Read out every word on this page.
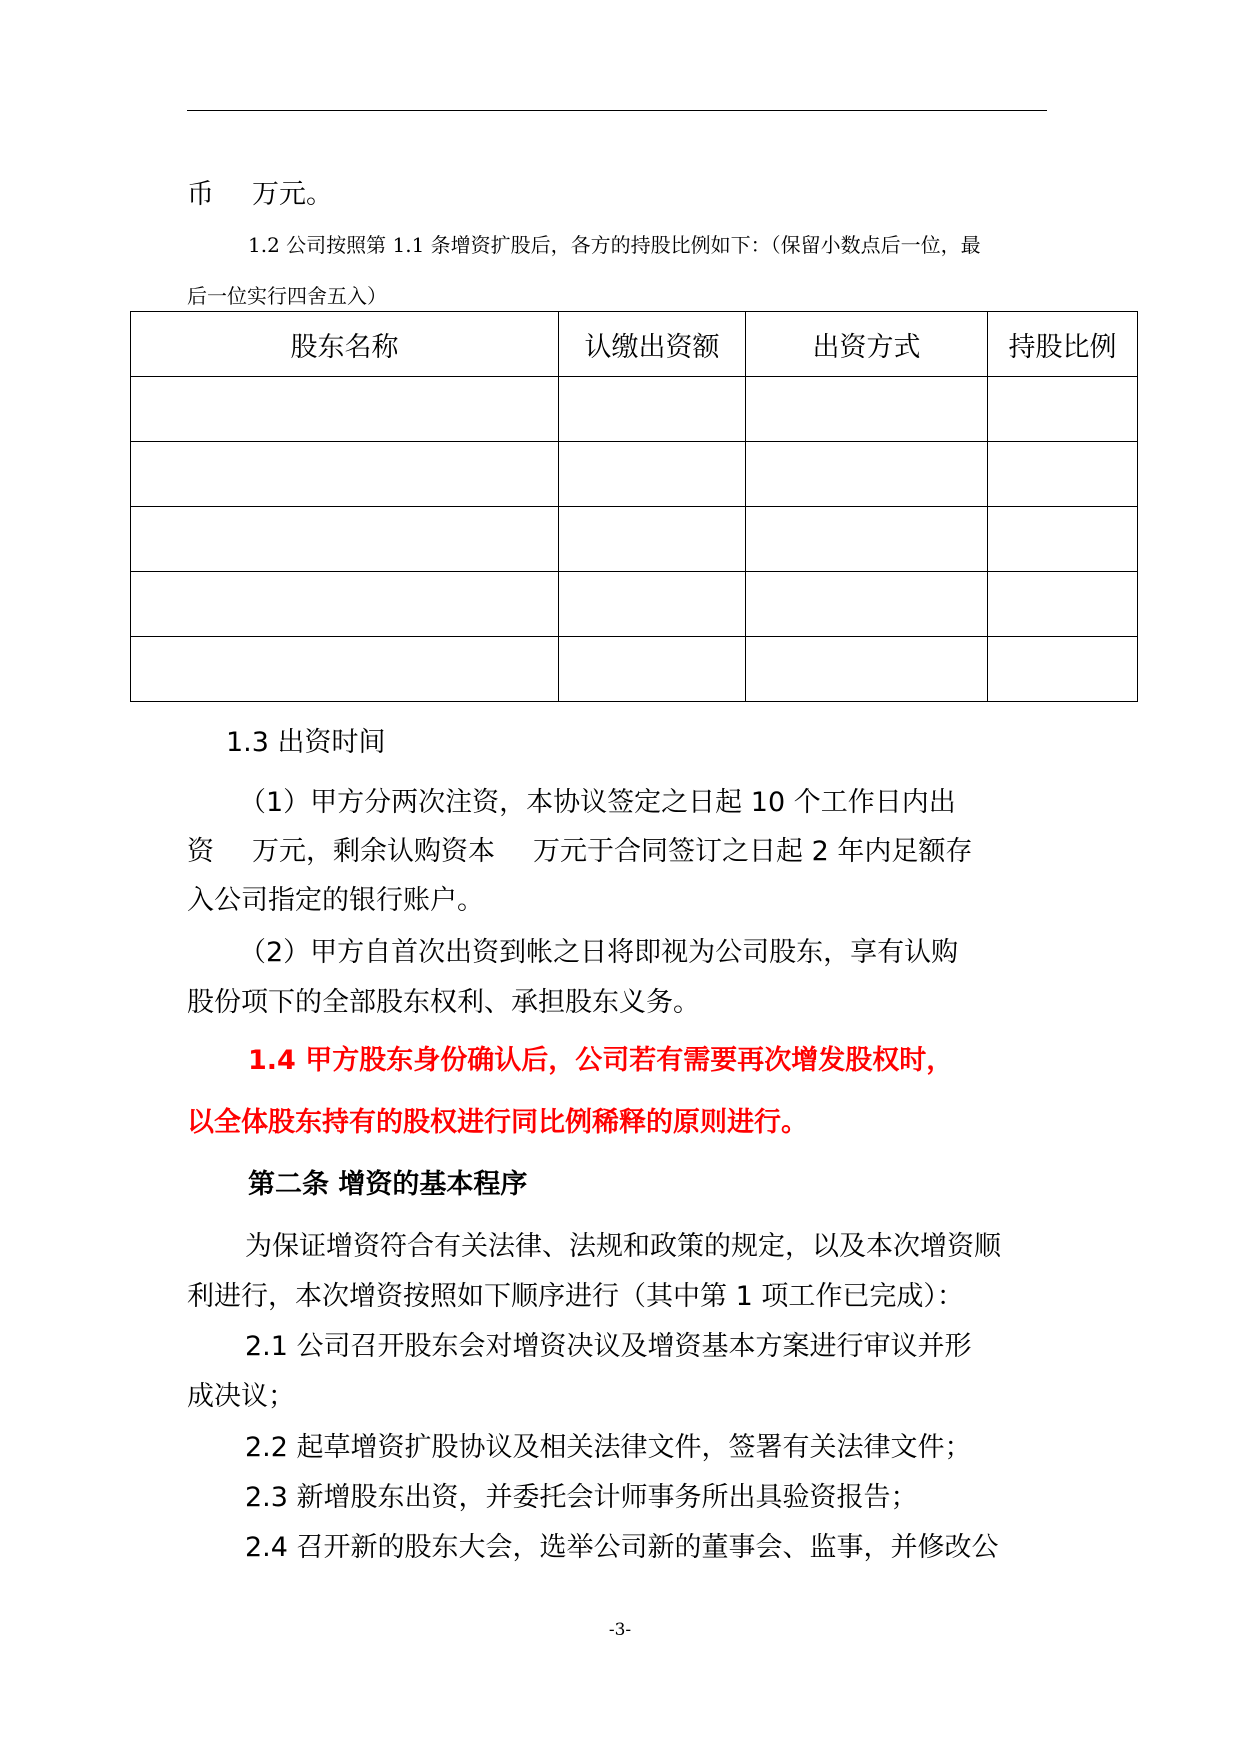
币 万元。
1.2 公司按照第 1.1 条增资扩股后，各方的持股比例如下：（保留小数点后一位，最
后一位实行四舍五入）
股东名称	认缴出资额	出资方式	持股比例

1.3 出资时间
（1）甲方分两次注资，本协议签定之日起 10 个工作日内出
资 万元，剩余认购资本 万元于合同签订之日起 2 年内足额存
入公司指定的银行账户。
（2）甲方自首次出资到帐之日将即视为公司股东，享有认购
股份项下的全部股东权利、承担股东义务。
1.4 甲方股东身份确认后，公司若有需要再次增发股权时，
以全体股东持有的股权进行同比例稀释的原则进行。
第二条 增资的基本程序
为保证增资符合有关法律、法规和政策的规定，以及本次增资顺
利进行，本次增资按照如下顺序进行（其中第 1 项工作已完成）：
2.1 公司召开股东会对增资决议及增资基本方案进行审议并形
成决议；
2.2 起草增资扩股协议及相关法律文件，签署有关法律文件；
2.3 新增股东出资，并委托会计师事务所出具验资报告；
2.4 召开新的股东大会，选举公司新的董事会、监事，并修改公
-3-
